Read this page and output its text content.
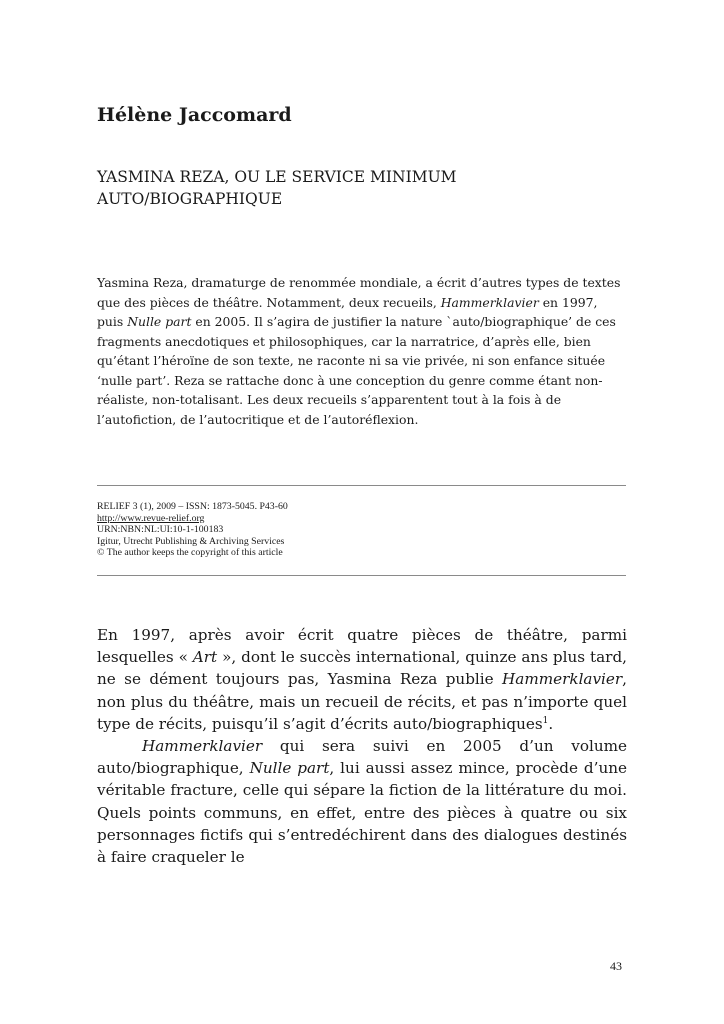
Hélène Jaccomard
YASMINA REZA, OU LE SERVICE MINIMUM
AUTO/BIOGRAPHIQUE

Yasmina Reza, dramaturge de renommée mondiale, a écrit d’autres types de textes que des pièces de théâtre. Notamment, deux recueils, Hammerklavier en 1997, puis Nulle part en 2005. Il s’agira de justifier la nature `auto/biographique’ de ces fragments anecdotiques et philosophiques, car la narratrice, d’après elle, bien qu’étant l’héroïne de son texte, ne raconte ni sa vie privée, ni son enfance située ‘nulle part’. Reza se rattache donc à une conception du genre comme étant non-réaliste, non-totalisant. Les deux recueils s’apparentent tout à la fois à de l’autofiction, de l’autocritique et de l’autoréflexion.

RELIEF 3 (1), 2009 – ISSN: 1873-5045. P43-60
http://www.revue-relief.org
URN:NBN:NL:UI:10-1-100183
Igitur, Utrecht Publishing & Archiving Services
© The author keeps the copyright of this article

En 1997, après avoir écrit quatre pièces de théâtre, parmi lesquelles « Art », dont le succès international, quinze ans plus tard, ne se dément toujours pas, Yasmina Reza publie Hammerklavier, non plus du théâtre, mais un recueil de récits, et pas n’importe quel type de récits, puisqu’il s’agit d’écrits auto/biographiques$^1$.

Hammerklavier qui sera suivi en 2005 d’un volume auto/biographique, Nulle part, lui aussi assez mince, procède d’une véritable fracture, celle qui sépare la fiction de la littérature du moi. Quels points communs, en effet, entre des pièces à quatre ou six personnages fictifs qui s’entredéchirent dans des dialogues destinés à faire craqueler le

43
